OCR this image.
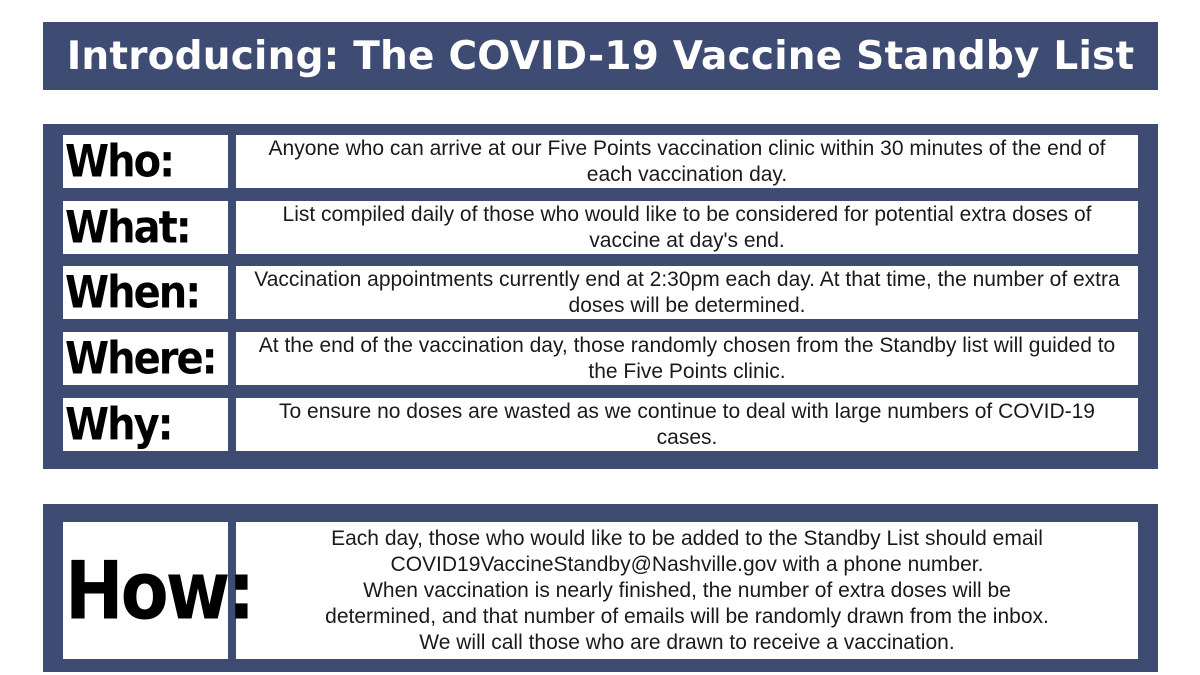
Introducing: The COVID-19 Vaccine Standby List
Who:	Anyone who can arrive at our Five Points vaccination clinic within 30 minutes of the end of each vaccination day.
What:	List compiled daily of those who would like to be considered for potential extra doses of vaccine at day's end.
When:	Vaccination appointments currently end at 2:30pm each day. At that time, the number of extra doses will be determined.
Where:	At the end of the vaccination day, those randomly chosen from the Standby list will guided to the Five Points clinic.
Why:	To ensure no doses are wasted as we continue to deal with large numbers of COVID-19 cases.
How:
Each day, those who would like to be added to the Standby List should email
COVID19VaccineStandby@Nashville.gov with a phone number.
When vaccination is nearly finished, the number of extra doses will be
determined, and that number of emails will be randomly drawn from the inbox.
We will call those who are drawn to receive a vaccination.
